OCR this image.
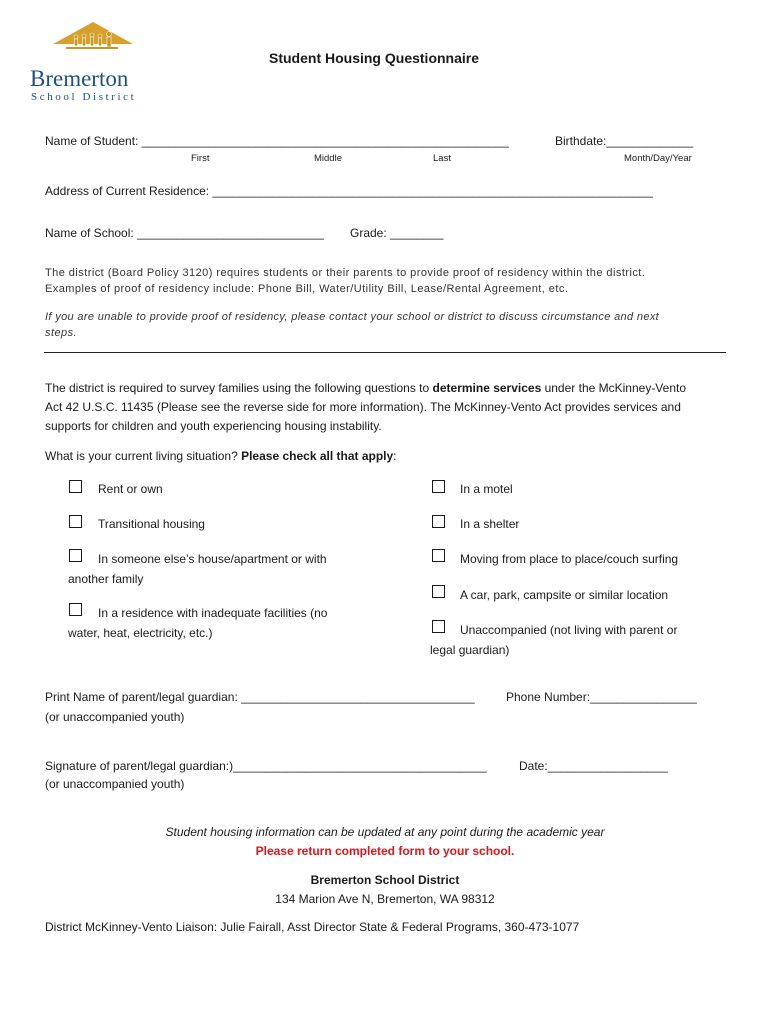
Bremerton
School District
Student Housing Questionnaire
Name of Student: _______________________________________________________	Birthdate:_____________
First	Middle	Last	Month/Day/Year
Address of Current Residence: __________________________________________________________________
Name of School: ____________________________ Grade: ________
The district (Board Policy 3120) requires students or their parents to provide proof of residency within the district.
Examples of proof of residency include: Phone Bill, Water/Utility Bill, Lease/Rental Agreement, etc.
If you are unable to provide proof of residency, please contact your school or district to discuss circumstance and next
steps.
The district is required to survey families using the following questions to determine services under the McKinney-Vento
Act 42 U.S.C. 11435 (Please see the reverse side for more information). The McKinney-Vento Act provides services and
supports for children and youth experiencing housing instability.
What is your current living situation? Please check all that apply:
Rent or own
Transitional housing
In someone else’s house/apartment or with
another family
In a residence with inadequate facilities (no
water, heat, electricity, etc.)
In a motel
In a shelter
Moving from place to place/couch surfing
A car, park, campsite or similar location
Unaccompanied (not living with parent or
legal guardian)
Print Name of parent/legal guardian: ___________________________________	Phone Number:________________
(or unaccompanied youth)
Signature of parent/legal guardian:)______________________________________	Date:__________________
(or unaccompanied youth)
Student housing information can be updated at any point during the academic year
Please return completed form to your school.
Bremerton School District
134 Marion Ave N, Bremerton, WA 98312
District McKinney-Vento Liaison: Julie Fairall, Asst Director State & Federal Programs, 360-473-1077
